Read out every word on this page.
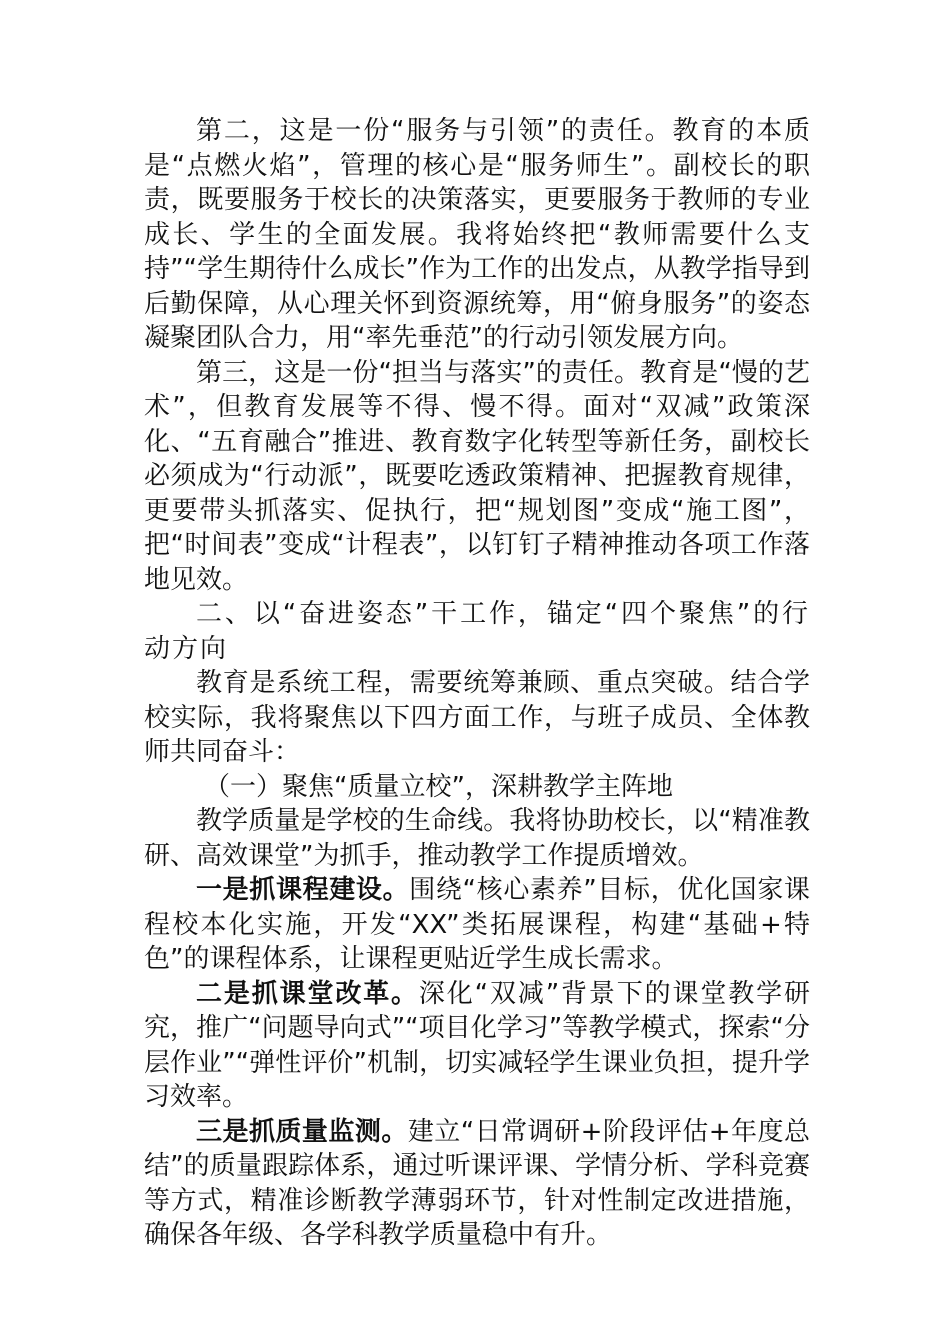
第二，这是一份“服务与引领”的责任。教育的本质是“点燃火焰”，管理的核心是“服务师生”。副校长的职责，既要服务于校长的决策落实，更要服务于教师的专业成长、学生的全面发展。我将始终把“教师需要什么支持”“学生期待什么成长”作为工作的出发点，从教学指导到后勤保障，从心理关怀到资源统筹，用“俯身服务”的姿态凝聚团队合力，用“率先垂范”的行动引领发展方向。

第三，这是一份“担当与落实”的责任。教育是“慢的艺术”，但教育发展等不得、慢不得。面对“双减”政策深化、“五育融合”推进、教育数字化转型等新任务，副校长必须成为“行动派”，既要吃透政策精神、把握教育规律，更要带头抓落实、促执行，把“规划图”变成“施工图”，把“时间表”变成“计程表”，以钉钉子精神推动各项工作落地见效。

二、以“奋进姿态”干工作，锚定“四个聚焦”的行动方向

教育是系统工程，需要统筹兼顾、重点突破。结合学校实际，我将聚焦以下四方面工作，与班子成员、全体教师共同奋斗：

（一）聚焦“质量立校”，深耕教学主阵地

教学质量是学校的生命线。我将协助校长，以“精准教研、高效课堂”为抓手，推动教学工作提质增效。

一是抓课程建设。围绕“核心素养”目标，优化国家课程校本化实施，开发“XX”类拓展课程，构建“基础+特色”的课程体系，让课程更贴近学生成长需求。

二是抓课堂改革。深化“双减”背景下的课堂教学研究，推广“问题导向式”“项目化学习”等教学模式，探索“分层作业”“弹性评价”机制，切实减轻学生课业负担，提升学习效率。

三是抓质量监测。建立“日常调研+阶段评估+年度总结”的质量跟踪体系，通过听课评课、学情分析、学科竞赛等方式，精准诊断教学薄弱环节，针对性制定改进措施，确保各年级、各学科教学质量稳中有升。
